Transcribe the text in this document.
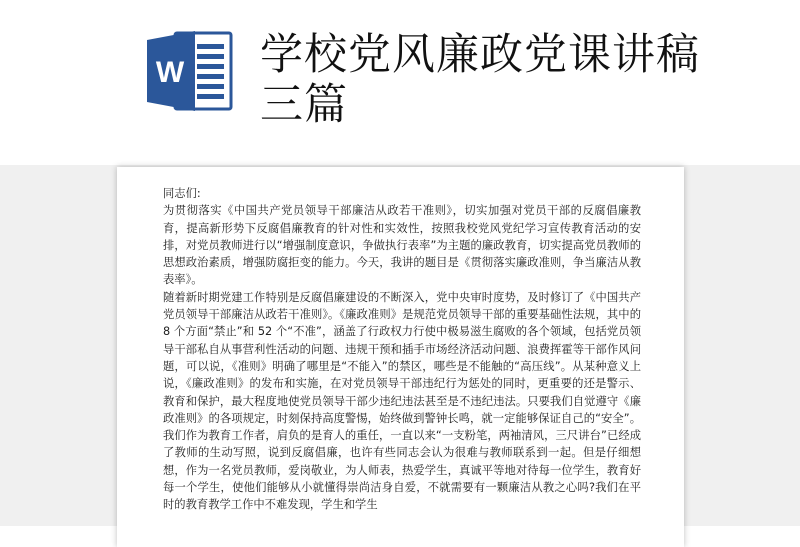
W 学校党风廉政党课讲稿三篇

同志们:

为贯彻落实《中国共产党员领导干部廉洁从政若干准则》，切实加强对党员干部的反腐倡廉教育，提高新形势下反腐倡廉教育的针对性和实效性，按照我校党风党纪学习宣传教育活动的安排，对党员教师进行以“增强制度意识，争做执行表率”为主题的廉政教育，切实提高党员教师的思想政治素质，增强防腐拒变的能力。今天，我讲的题目是《贯彻落实廉政准则，争当廉洁从教表率》。

随着新时期党建工作特别是反腐倡廉建设的不断深入，党中央审时度势，及时修订了《中国共产党员领导干部廉洁从政若干准则》。《廉政准则》是规范党员领导干部的重要基础性法规，其中的 8 个方面“禁止”和 52 个“不准”，涵盖了行政权力行使中极易滋生腐败的各个领域，包括党员领导干部私自从事营利性活动的问题、违规干预和插手市场经济活动问题、浪费挥霍等干部作风问题，可以说，《准则》明确了哪里是“不能入”的禁区，哪些是不能触的“高压线”。从某种意义上说，《廉政准则》的发布和实施，在对党员领导干部违纪行为惩处的同时，更重要的还是警示、教育和保护，最大程度地使党员领导干部少违纪违法甚至是不违纪违法。只要我们自觉遵守《廉政准则》的各项规定，时刻保持高度警惕，始终做到警钟长鸣，就一定能够保证自己的“安全”。我们作为教育工作者，肩负的是育人的重任，一直以来“一支粉笔，两袖清风，三尺讲台”已经成了教师的生动写照，说到反腐倡廉，也许有些同志会认为很难与教师联系到一起。但是仔细想想，作为一名党员教师，爱岗敬业，为人师表，热爱学生，真诚平等地对待每一位学生，教育好每一个学生，使他们能够从小就懂得崇尚洁身自爱，不就需要有一颗廉洁从教之心吗?我们在平时的教育教学工作中不难发现，学生和学生
